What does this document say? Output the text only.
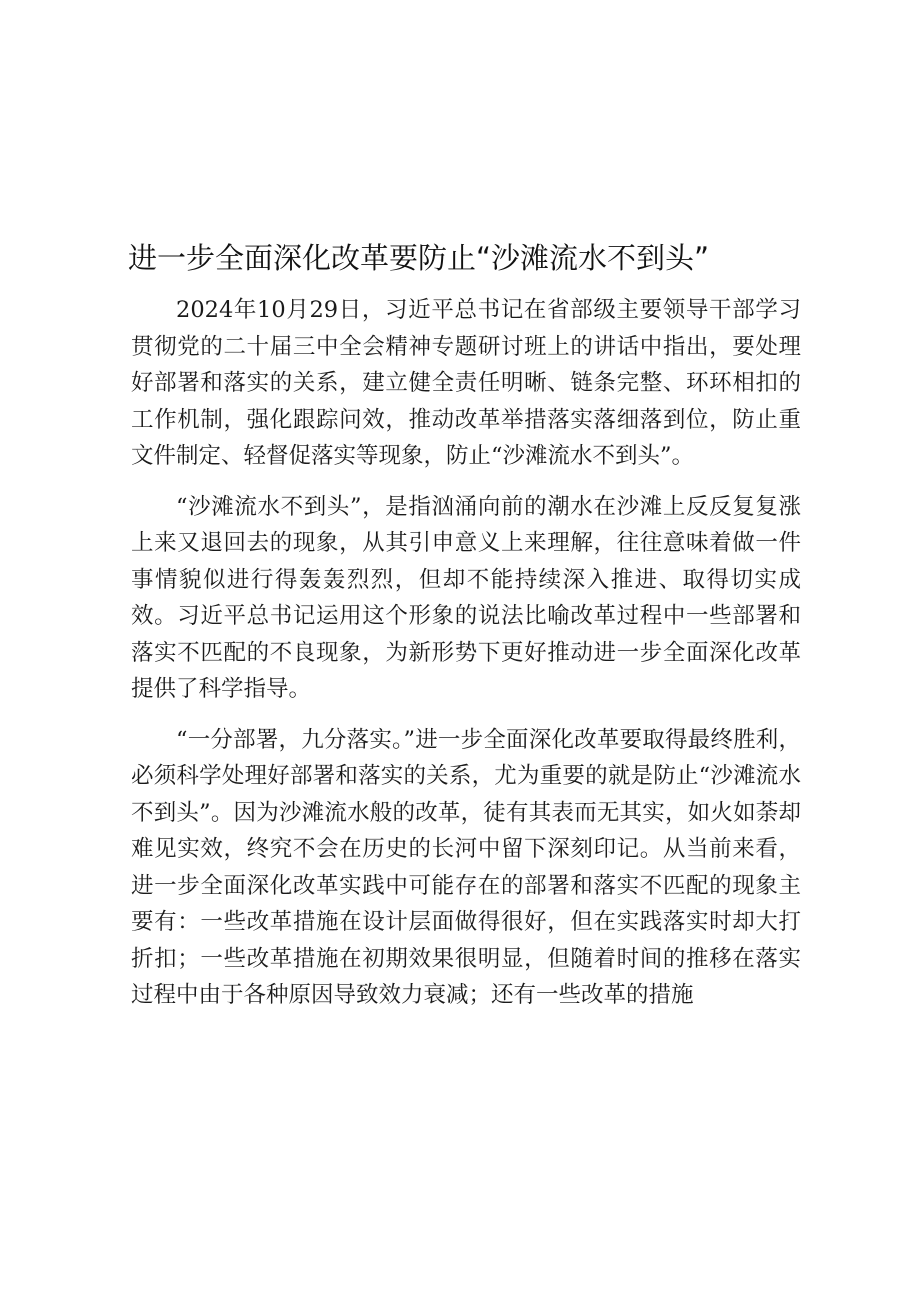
进一步全面深化改革要防止“沙滩流水不到头”

2024年10月29日，习近平总书记在省部级主要领导干部学习贯彻党的二十届三中全会精神专题研讨班上的讲话中指出，要处理好部署和落实的关系，建立健全责任明晰、链条完整、环环相扣的工作机制，强化跟踪问效，推动改革举措落实落细落到位，防止重文件制定、轻督促落实等现象，防止“沙滩流水不到头”。

“沙滩流水不到头”，是指汹涌向前的潮水在沙滩上反反复复涨上来又退回去的现象，从其引申意义上来理解，往往意味着做一件事情貌似进行得轰轰烈烈，但却不能持续深入推进、取得切实成效。习近平总书记运用这个形象的说法比喻改革过程中一些部署和落实不匹配的不良现象，为新形势下更好推动进一步全面深化改革提供了科学指导。

“一分部署，九分落实。”进一步全面深化改革要取得最终胜利，必须科学处理好部署和落实的关系，尤为重要的就是防止“沙滩流水不到头”。因为沙滩流水般的改革，徒有其表而无其实，如火如荼却难见实效，终究不会在历史的长河中留下深刻印记。从当前来看，进一步全面深化改革实践中可能存在的部署和落实不匹配的现象主要有：一些改革措施在设计层面做得很好，但在实践落实时却大打折扣；一些改革措施在初期效果很明显，但随着时间的推移在落实过程中由于各种原因导致效力衰减；还有一些改革的措施
